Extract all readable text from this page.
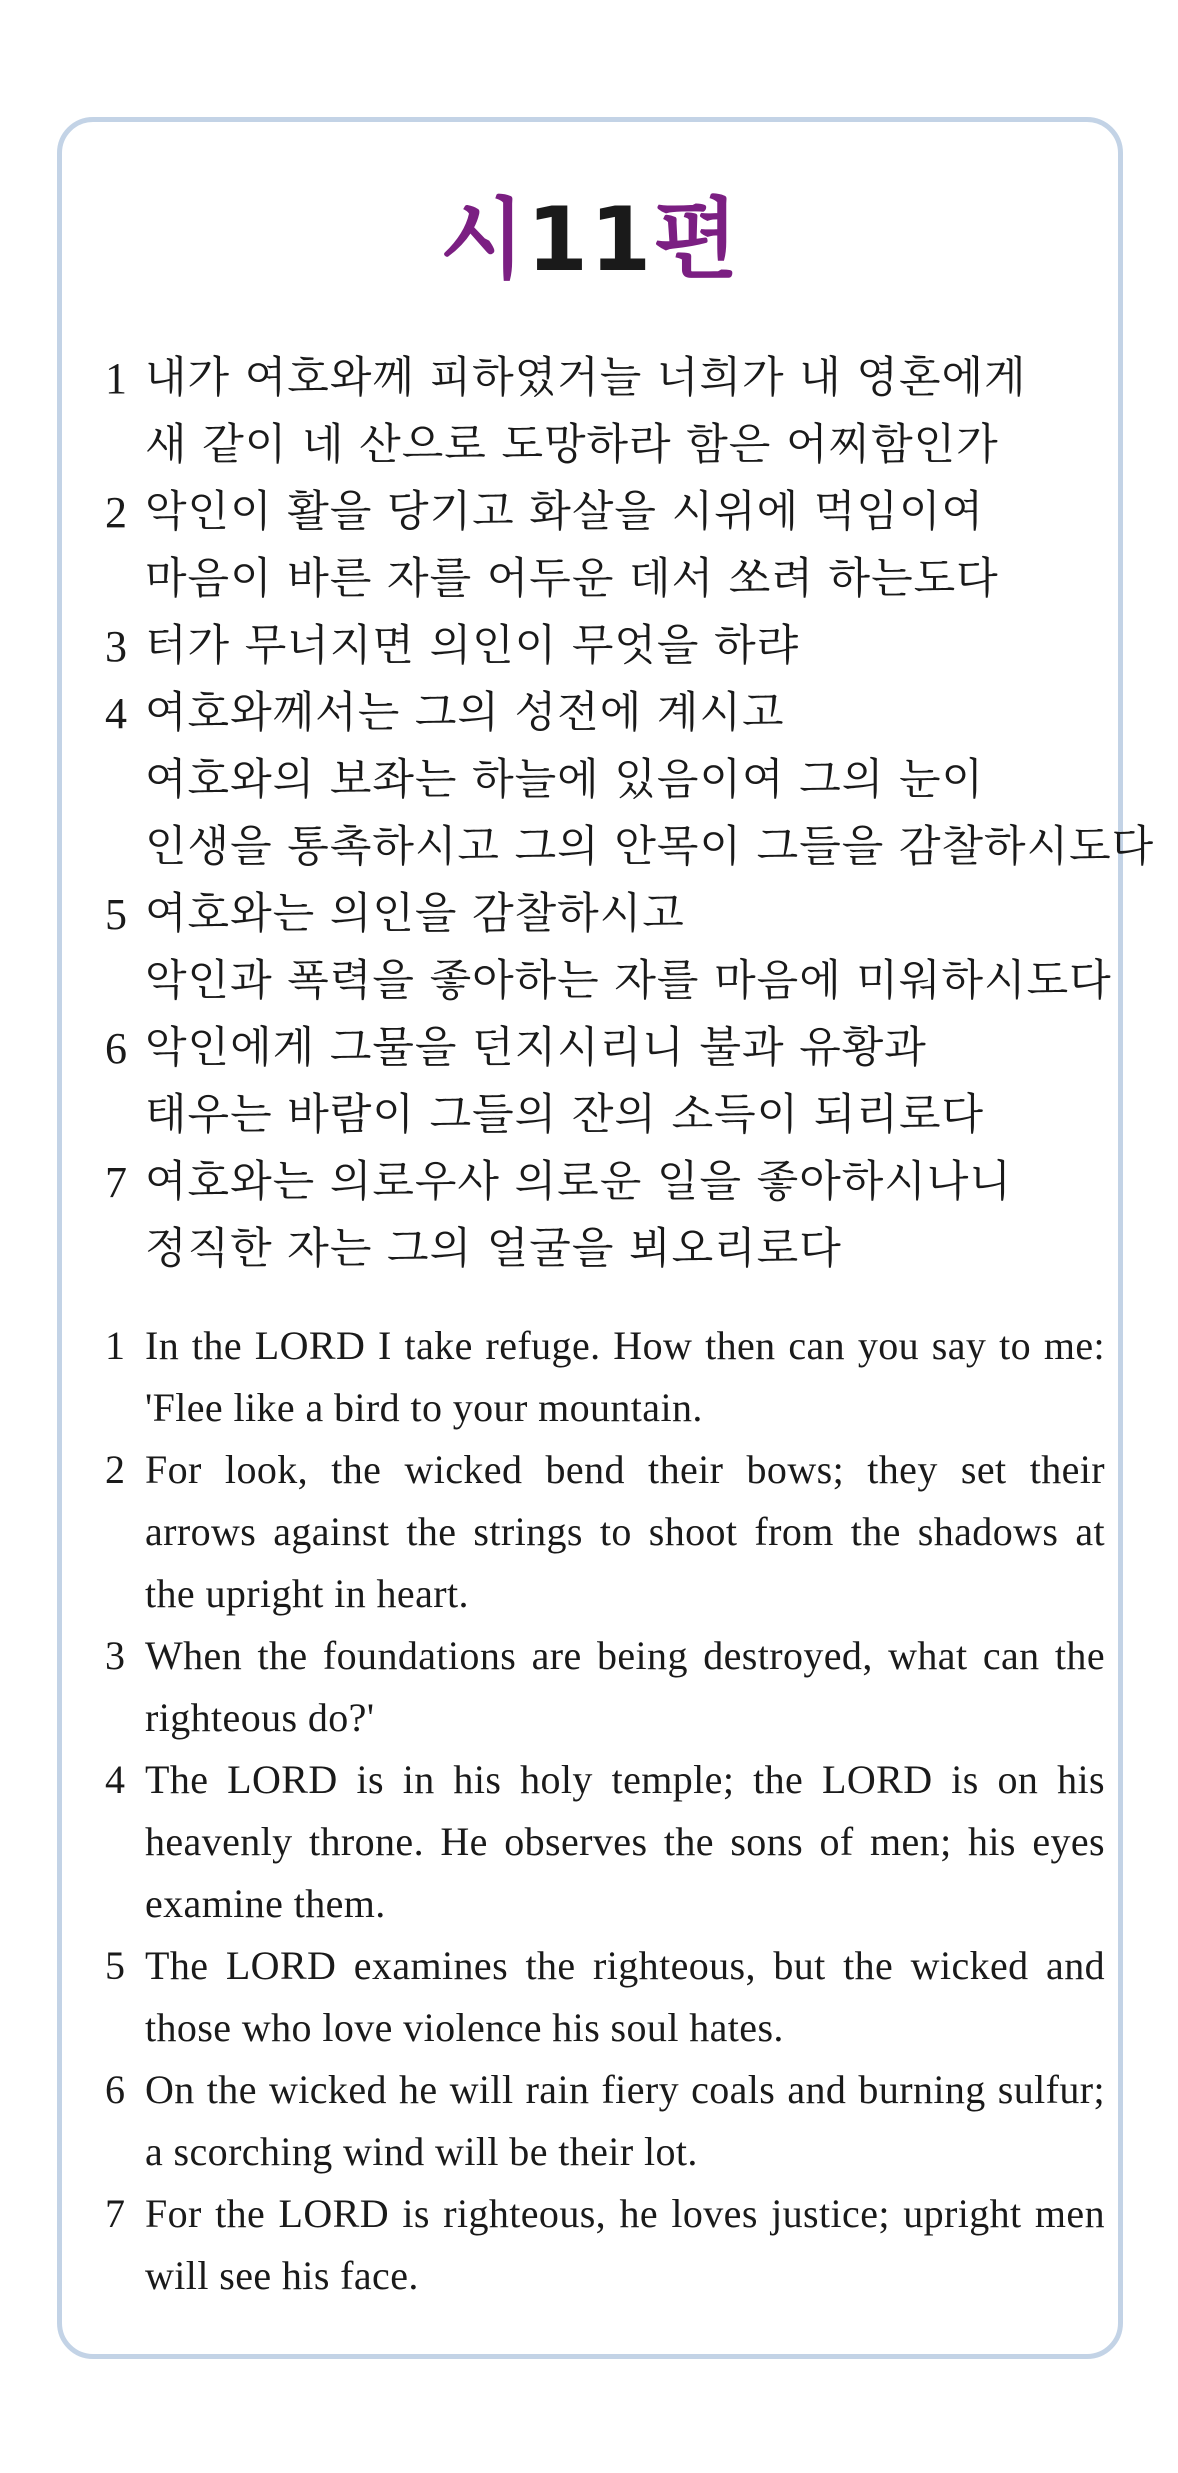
시11편
1 내가 여호와께 피하였거늘 너희가 내 영혼에게
새 같이 네 산으로 도망하라 함은 어찌함인가
2 악인이 활을 당기고 화살을 시위에 먹임이여
마음이 바른 자를 어두운 데서 쏘려 하는도다
3 터가 무너지면 의인이 무엇을 하랴
4 여호와께서는 그의 성전에 계시고
여호와의 보좌는 하늘에 있음이여 그의 눈이
인생을 통촉하시고 그의 안목이 그들을 감찰하시도다
5 여호와는 의인을 감찰하시고
악인과 폭력을 좋아하는 자를 마음에 미워하시도다
6 악인에게 그물을 던지시리니 불과 유황과
태우는 바람이 그들의 잔의 소득이 되리로다
7 여호와는 의로우사 의로운 일을 좋아하시나니
정직한 자는 그의 얼굴을 뵈오리로다
1 In the LORD I take refuge. How then can you say to me: 'Flee like a bird to your mountain.
2 For look, the wicked bend their bows; they set their arrows against the strings to shoot from the shadows at the upright in heart.
3 When the foundations are being destroyed, what can the righteous do?'
4 The LORD is in his holy temple; the LORD is on his heavenly throne. He observes the sons of men; his eyes examine them.
5 The LORD examines the righteous, but the wicked and those who love violence his soul hates.
6 On the wicked he will rain fiery coals and burning sulfur; a scorching wind will be their lot.
7 For the LORD is righteous, he loves justice; upright men will see his face.
